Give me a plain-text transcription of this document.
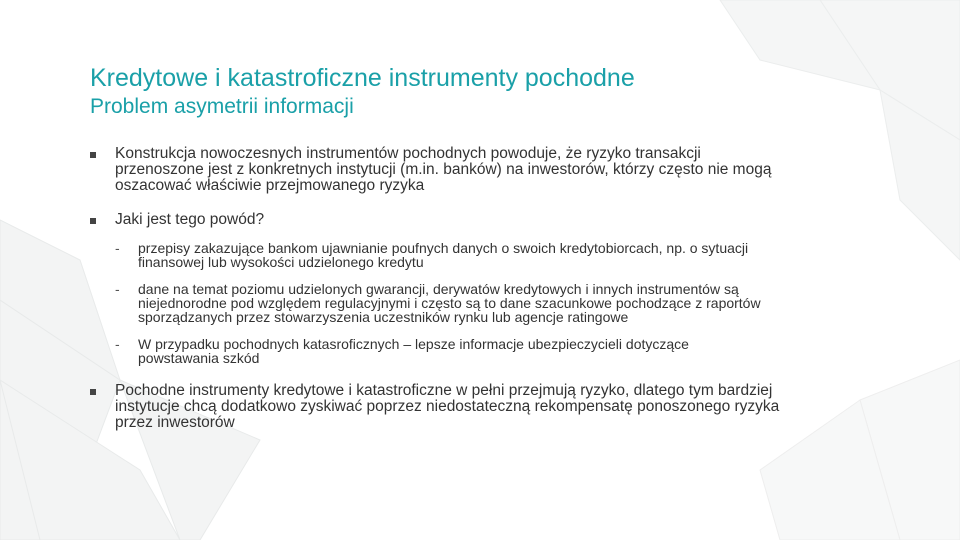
Kredytowe i katastroficzne instrumenty pochodne
Problem asymetrii informacji
Konstrukcja nowoczesnych instrumentów pochodnych powoduje, że ryzyko transakcji przenoszone jest z konkretnych instytucji (m.in. banków) na inwestorów, którzy często nie mogą oszacować właściwie przejmowanego ryzyka
Jaki jest tego powód?
- przepisy zakazujące bankom ujawnianie poufnych danych o swoich kredytobiorcach, np. o sytuacji finansowej lub wysokości udzielonego kredytu
- dane na temat poziomu udzielonych gwarancji, derywatów kredytowych i innych instrumentów są niejednorodne pod względem regulacyjnymi i często są to dane szacunkowe pochodzące z raportów sporządzanych przez stowarzyszenia uczestników rynku lub agencje ratingowe
- W przypadku pochodnych katasroficznych – lepsze informacje ubezpieczycieli dotyczące powstawania szkód
Pochodne instrumenty kredytowe i katastroficzne w pełni przejmują ryzyko, dlatego tym bardziej instytucje chcą dodatkowo zyskiwać poprzez niedostateczną rekompensatę ponoszonego ryzyka przez inwestorów
